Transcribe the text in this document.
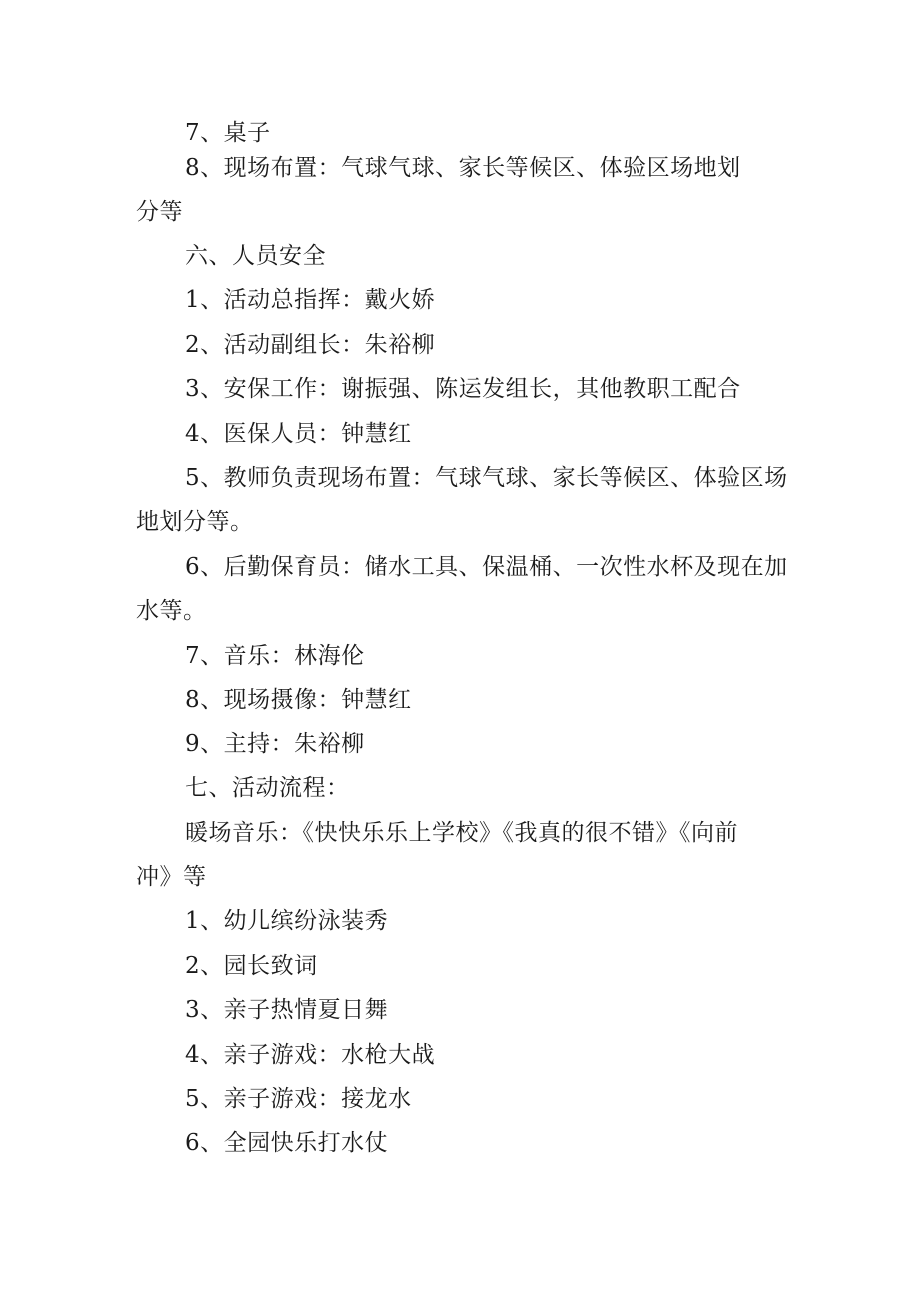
7、桌子
8、现场布置：气球气球、家长等候区、体验区场地划
分等
六、人员安全
1、活动总指挥：戴火娇
2、活动副组长：朱裕柳
3、安保工作：谢振强、陈运发组长，其他教职工配合
4、医保人员：钟慧红
5、教师负责现场布置：气球气球、家长等候区、体验区场
地划分等。
6、后勤保育员：储水工具、保温桶、一次性水杯及现在加
水等。
7、音乐：林海伦
8、现场摄像：钟慧红
9、主持：朱裕柳
七、活动流程：
暖场音乐：《快快乐乐上学校》《我真的很不错》《向前
冲》等
1、幼儿缤纷泳装秀
2、园长致词
3、亲子热情夏日舞
4、亲子游戏：水枪大战
5、亲子游戏：接龙水
6、全园快乐打水仗
